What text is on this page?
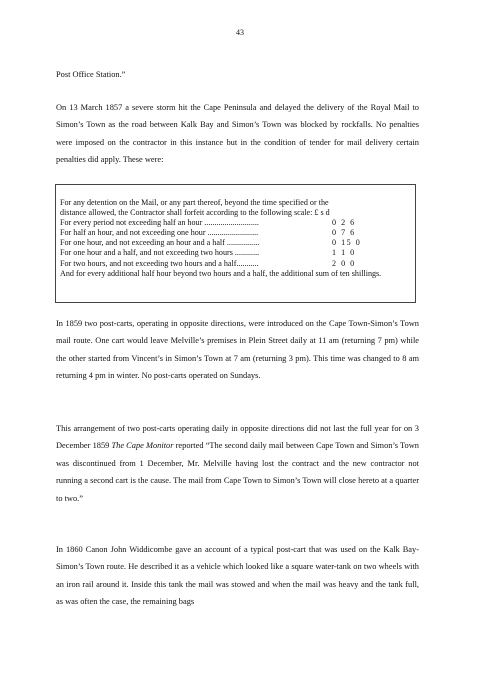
43

Post Office Station.”

On 13 March 1857 a severe storm hit the Cape Peninsula and delayed the delivery of the Royal Mail to Simon’s Town as the road between Kalk Bay and Simon’s Town was blocked by rockfalls. No penalties were imposed on the contractor in this instance but in the condition of tender for mail delivery certain penalties did apply. These were:

For any detention on the Mail, or any part thereof, beyond the time specified or the
distance allowed, the Contractor shall forfeit according to the following scale: £ s d
For every period not exceeding half an hour ...........................	0 2 6
For half an hour, and not exceeding one hour .........................	0 7 6
For one hour, and not exceeding an hour and a half ................	0 15 0
For one hour and a half, and not exceeding two hours ............	1 1 0
For two hours, and not exceeding two hours and a half...........	2 0 0
And for every additional half hour beyond two hours and a half, the additional sum of ten shillings.

In 1859 two post-carts, operating in opposite directions, were introduced on the Cape Town-Simon’s Town mail route. One cart would leave Melville’s premises in Plein Street daily at 11 am (returning 7 pm) while the other started from Vincent’s in Simon’s Town at 7 am (returning 3 pm). This time was changed to 8 am returning 4 pm in winter. No post-carts operated on Sundays.

This arrangement of two post-carts operating daily in opposite directions did not last the full year for on 3 December 1859 The Cape Monitor reported “The second daily mail between Cape Town and Simon’s Town was discontinued from 1 December, Mr. Melville having lost the contract and the new contractor not running a second cart is the cause. The mail from Cape Town to Simon’s Town will close hereto at a quarter to two.”

In 1860 Canon John Widdicombe gave an account of a typical post-cart that was used on the Kalk Bay-Simon’s Town route. He described it as a vehicle which looked like a square water-tank on two wheels with an iron rail around it. Inside this tank the mail was stowed and when the mail was heavy and the tank full, as was often the case, the remaining bags
